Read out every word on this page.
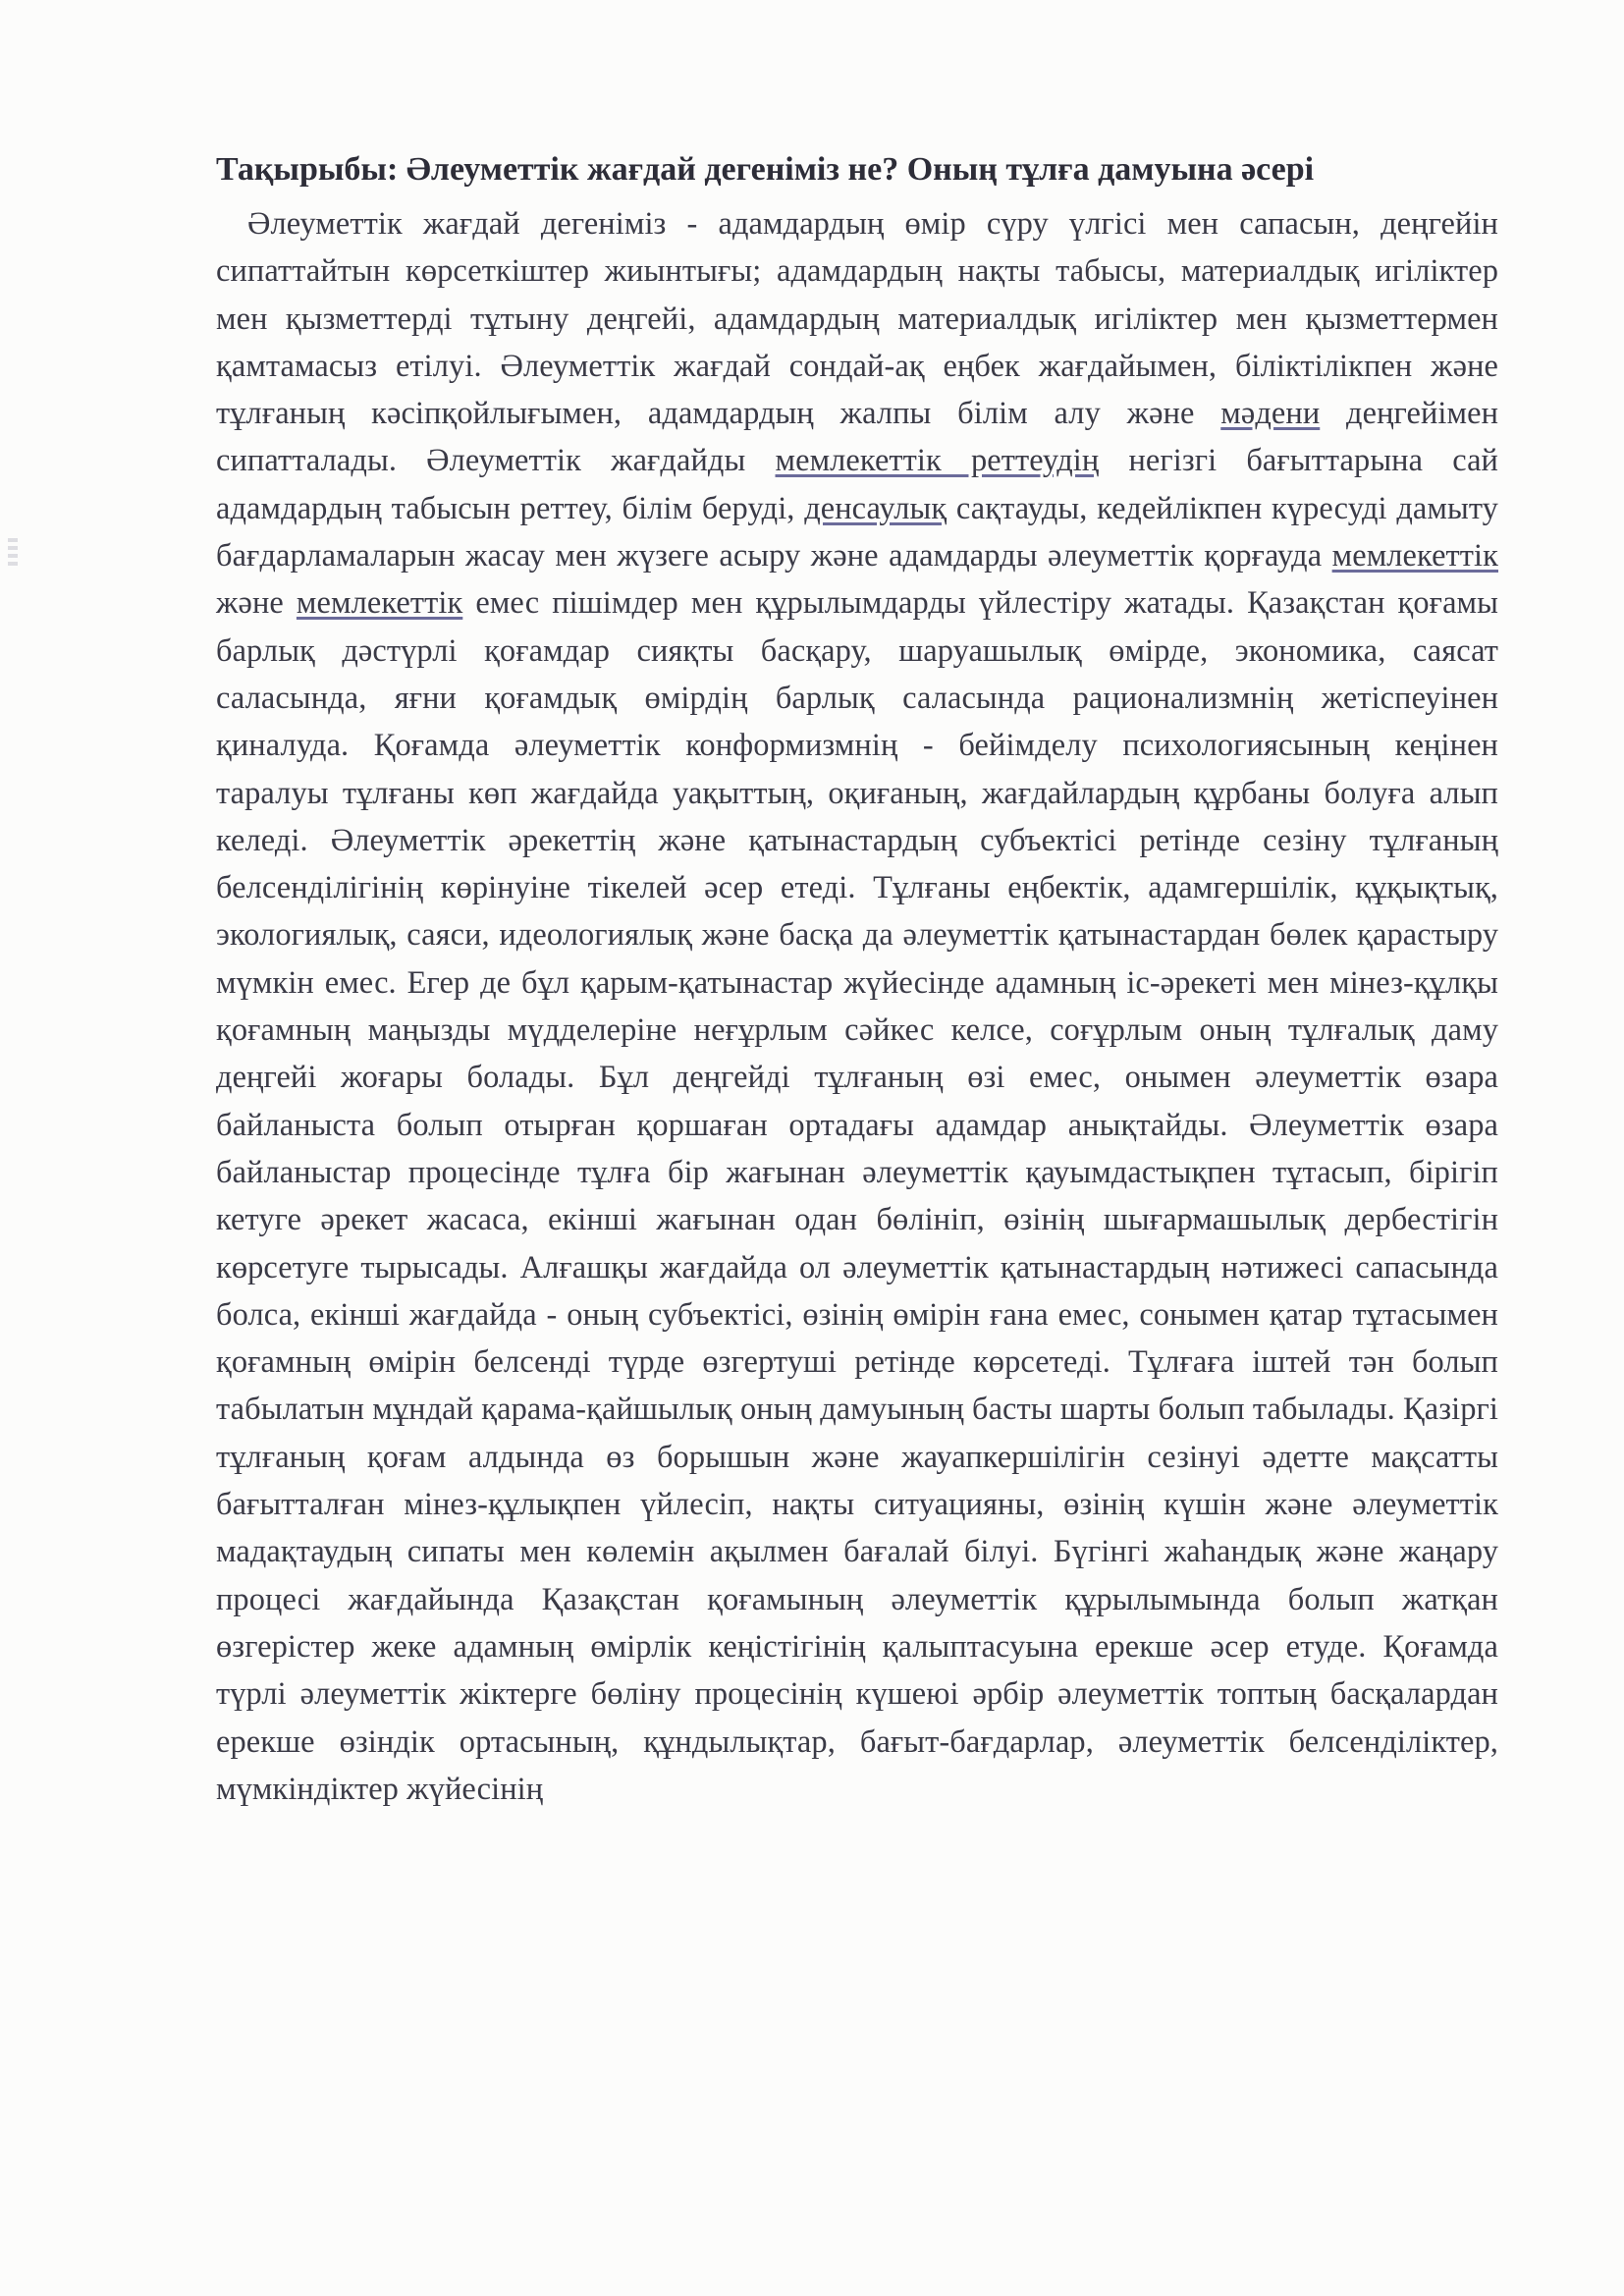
Тақырыбы: Әлеуметтік жағдай дегеніміз не? Оның тұлға дамуына әсері

Әлеуметтік жағдай дегеніміз - адамдардың өмір сүру үлгісі мен сапасын, деңгейін сипаттайтын көрсеткіштер жиынтығы; адамдардың нақты табысы, материалдық игіліктер мен қызметтерді тұтыну деңгейі, адамдардың материалдық игіліктер мен қызметтермен қамтамасыз етілуі. Әлеуметтік жағдай сондай-ақ еңбек жағдайымен, біліктілікпен және тұлғаның кәсіпқойлығымен, адамдардың жалпы білім алу және мәдени деңгейімен сипатталады. Әлеуметтік жағдайды мемлекеттік реттеудің негізгі бағыттарына сай адамдардың табысын реттеу, білім беруді, денсаулық сақтауды, кедейлікпен күресуді дамыту бағдарламаларын жасау мен жүзеге асыру және адамдарды әлеуметтік қорғауда мемлекеттік және мемлекеттік емес пішімдер мен құрылымдарды үйлестіру жатады. Қазақстан қоғамы барлық дәстүрлі қоғамдар сияқты басқару, шаруашылық өмірде, экономика, саясат саласында, яғни қоғамдық өмірдің барлық саласында рационализмнің жетіспеуінен қиналуда. Қоғамда әлеуметтік конформизмнің - бейімделу психологиясының кеңінен таралуы тұлғаны көп жағдайда уақыттың, оқиғаның, жағдайлардың құрбаны болуға алып келеді. Әлеуметтік әрекеттің және қатынастардың субъектісі ретінде сезіну тұлғаның белсенділігінің көрінуіне тікелей әсер етеді. Тұлғаны еңбектік, адамгершілік, құқықтық, экологиялық, саяси, идеологиялық және басқа да әлеуметтік қатынастардан бөлек қарастыру мүмкін емес. Егер де бұл қарым-қатынастар жүйесінде адамның іс-әрекеті мен мінез-құлқы қоғамның маңызды мүдделеріне неғұрлым сәйкес келсе, соғұрлым оның тұлғалық даму деңгейі жоғары болады. Бұл деңгейді тұлғаның өзі емес, онымен әлеуметтік өзара байланыста болып отырған қоршаған ортадағы адамдар анықтайды. Әлеуметтік өзара байланыстар процесінде тұлға бір жағынан әлеуметтік қауымдастықпен тұтасып, бірігіп кетуге әрекет жасаса, екінші жағынан одан бөлініп, өзінің шығармашылық дербестігін көрсетуге тырысады. Алғашқы жағдайда ол әлеуметтік қатынастардың нәтижесі сапасында болса, екінші жағдайда - оның субъектісі, өзінің өмірін ғана емес, сонымен қатар тұтасымен қоғамның өмірін белсенді түрде өзгертуші ретінде көрсетеді. Тұлғаға іштей тән болып табылатын мұндай қарама-қайшылық оның дамуының басты шарты болып табылады. Қазіргі тұлғаның қоғам алдында өз борышын және жауапкершілігін сезінуі әдетте мақсатты бағытталған мінез-құлықпен үйлесіп, нақты ситуацияны, өзінің күшін және әлеуметтік мадақтаудың сипаты мен көлемін ақылмен бағалай білуі. Бүгінгі жаһандық және жаңару процесі жағдайында Қазақстан қоғамының әлеуметтік құрылымында болып жатқан өзгерістер жеке адамның өмірлік кеңістігінің қалыптасуына ерекше әсер етуде. Қоғамда түрлі әлеуметтік жіктерге бөліну процесінің күшеюі әрбір әлеуметтік топтың басқалардан ерекше өзіндік ортасының, құндылықтар, бағыт-бағдарлар, әлеуметтік белсенділіктер, мүмкіндіктер жүйесінің
